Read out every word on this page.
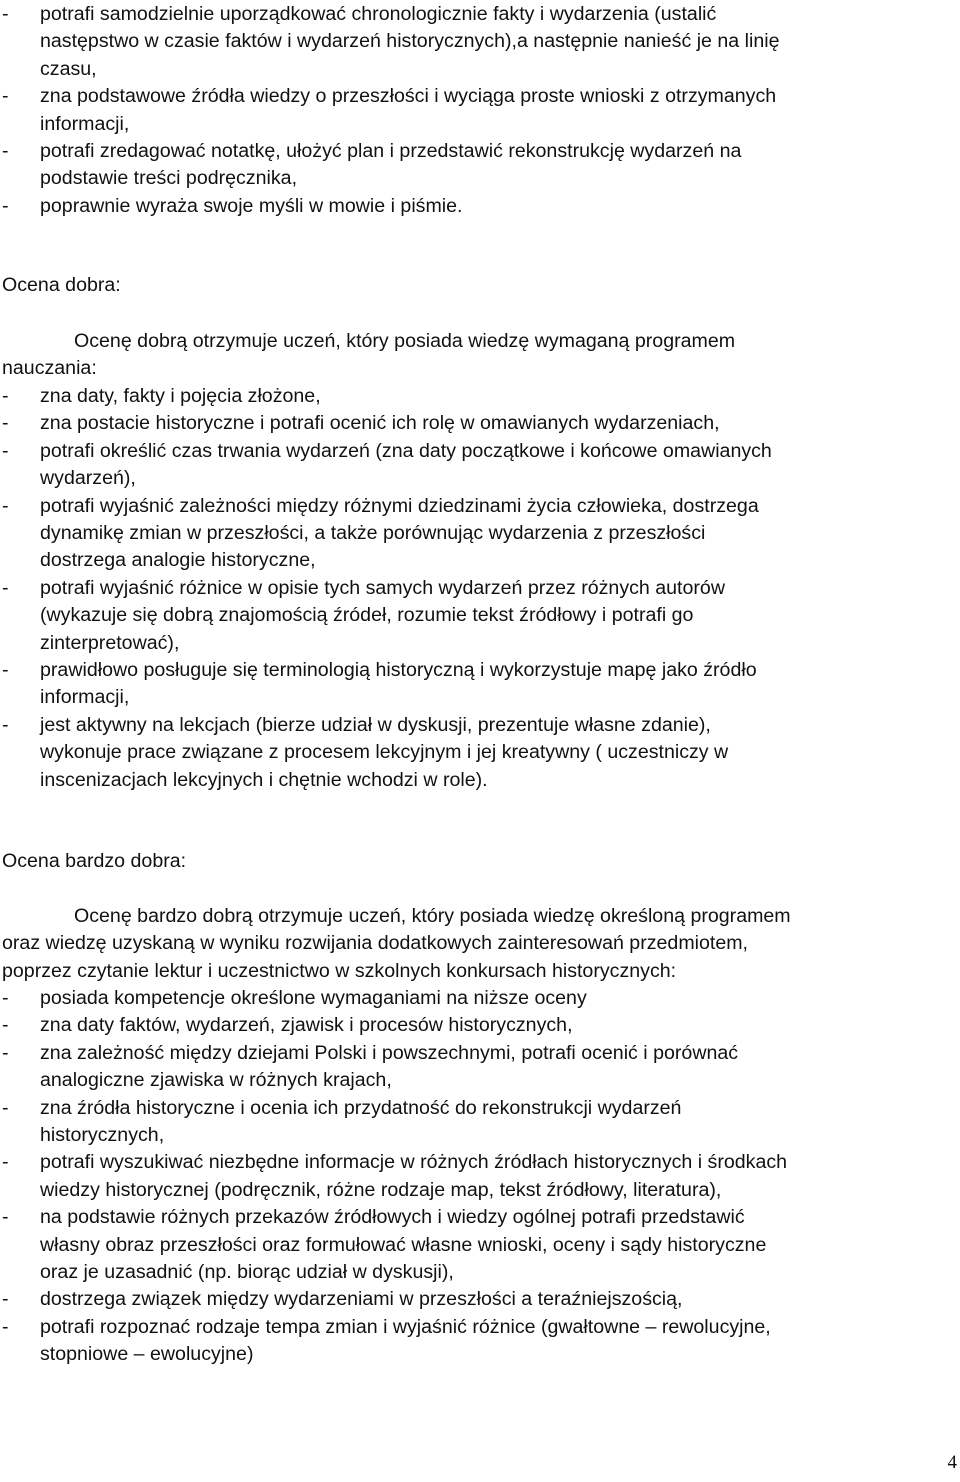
- potrafi samodzielnie uporządkować chronologicznie fakty i wydarzenia (ustalić
następstwo w czasie faktów i wydarzeń historycznych),a następnie nanieść je na linię
czasu,
- zna podstawowe źródła wiedzy o przeszłości i wyciąga proste wnioski z otrzymanych
informacji,
- potrafi zredagować notatkę, ułożyć plan i przedstawić rekonstrukcję wydarzeń na
podstawie treści podręcznika,
- poprawnie wyraża swoje myśli w mowie i piśmie.
Ocena dobra:

Ocenę dobrą otrzymuje uczeń, który posiada wiedzę wymaganą programem
nauczania:

- zna daty, fakty i pojęcia złożone,
- zna postacie historyczne i potrafi ocenić ich rolę w omawianych wydarzeniach,
- potrafi określić czas trwania wydarzeń (zna daty początkowe i końcowe omawianych
wydarzeń),
- potrafi wyjaśnić zależności między różnymi dziedzinami życia człowieka, dostrzega
dynamikę zmian w przeszłości, a także porównując wydarzenia z przeszłości
dostrzega analogie historyczne,
- potrafi wyjaśnić różnice w opisie tych samych wydarzeń przez różnych autorów
(wykazuje się dobrą znajomością źródeł, rozumie tekst źródłowy i potrafi go
zinterpretować),
- prawidłowo posługuje się terminologią historyczną i wykorzystuje mapę jako źródło
informacji,
- jest aktywny na lekcjach (bierze udział w dyskusji, prezentuje własne zdanie),
wykonuje prace związane z procesem lekcyjnym i jej kreatywny ( uczestniczy w
inscenizacjach lekcyjnych i chętnie wchodzi w role).
Ocena bardzo dobra:

Ocenę bardzo dobrą otrzymuje uczeń, który posiada wiedzę określoną programem
oraz wiedzę uzyskaną w wyniku rozwijania dodatkowych zainteresowań przedmiotem,
poprzez czytanie lektur i uczestnictwo w szkolnych konkursach historycznych:

- posiada kompetencje określone wymaganiami na niższe oceny
- zna daty faktów, wydarzeń, zjawisk i procesów historycznych,
- zna zależność między dziejami Polski i powszechnymi, potrafi ocenić i porównać
analogiczne zjawiska w różnych krajach,
- zna źródła historyczne i ocenia ich przydatność do rekonstrukcji wydarzeń
historycznych,
- potrafi wyszukiwać niezbędne informacje w różnych źródłach historycznych i środkach
wiedzy historycznej (podręcznik, różne rodzaje map, tekst źródłowy, literatura),
- na podstawie różnych przekazów źródłowych i wiedzy ogólnej potrafi przedstawić
własny obraz przeszłości oraz formułować własne wnioski, oceny i sądy historyczne
oraz je uzasadnić (np. biorąc udział w dyskusji),
- dostrzega związek między wydarzeniami w przeszłości a teraźniejszością,
- potrafi rozpoznać rodzaje tempa zmian i wyjaśnić różnice (gwałtowne – rewolucyjne,
stopniowe – ewolucyjne)
4
